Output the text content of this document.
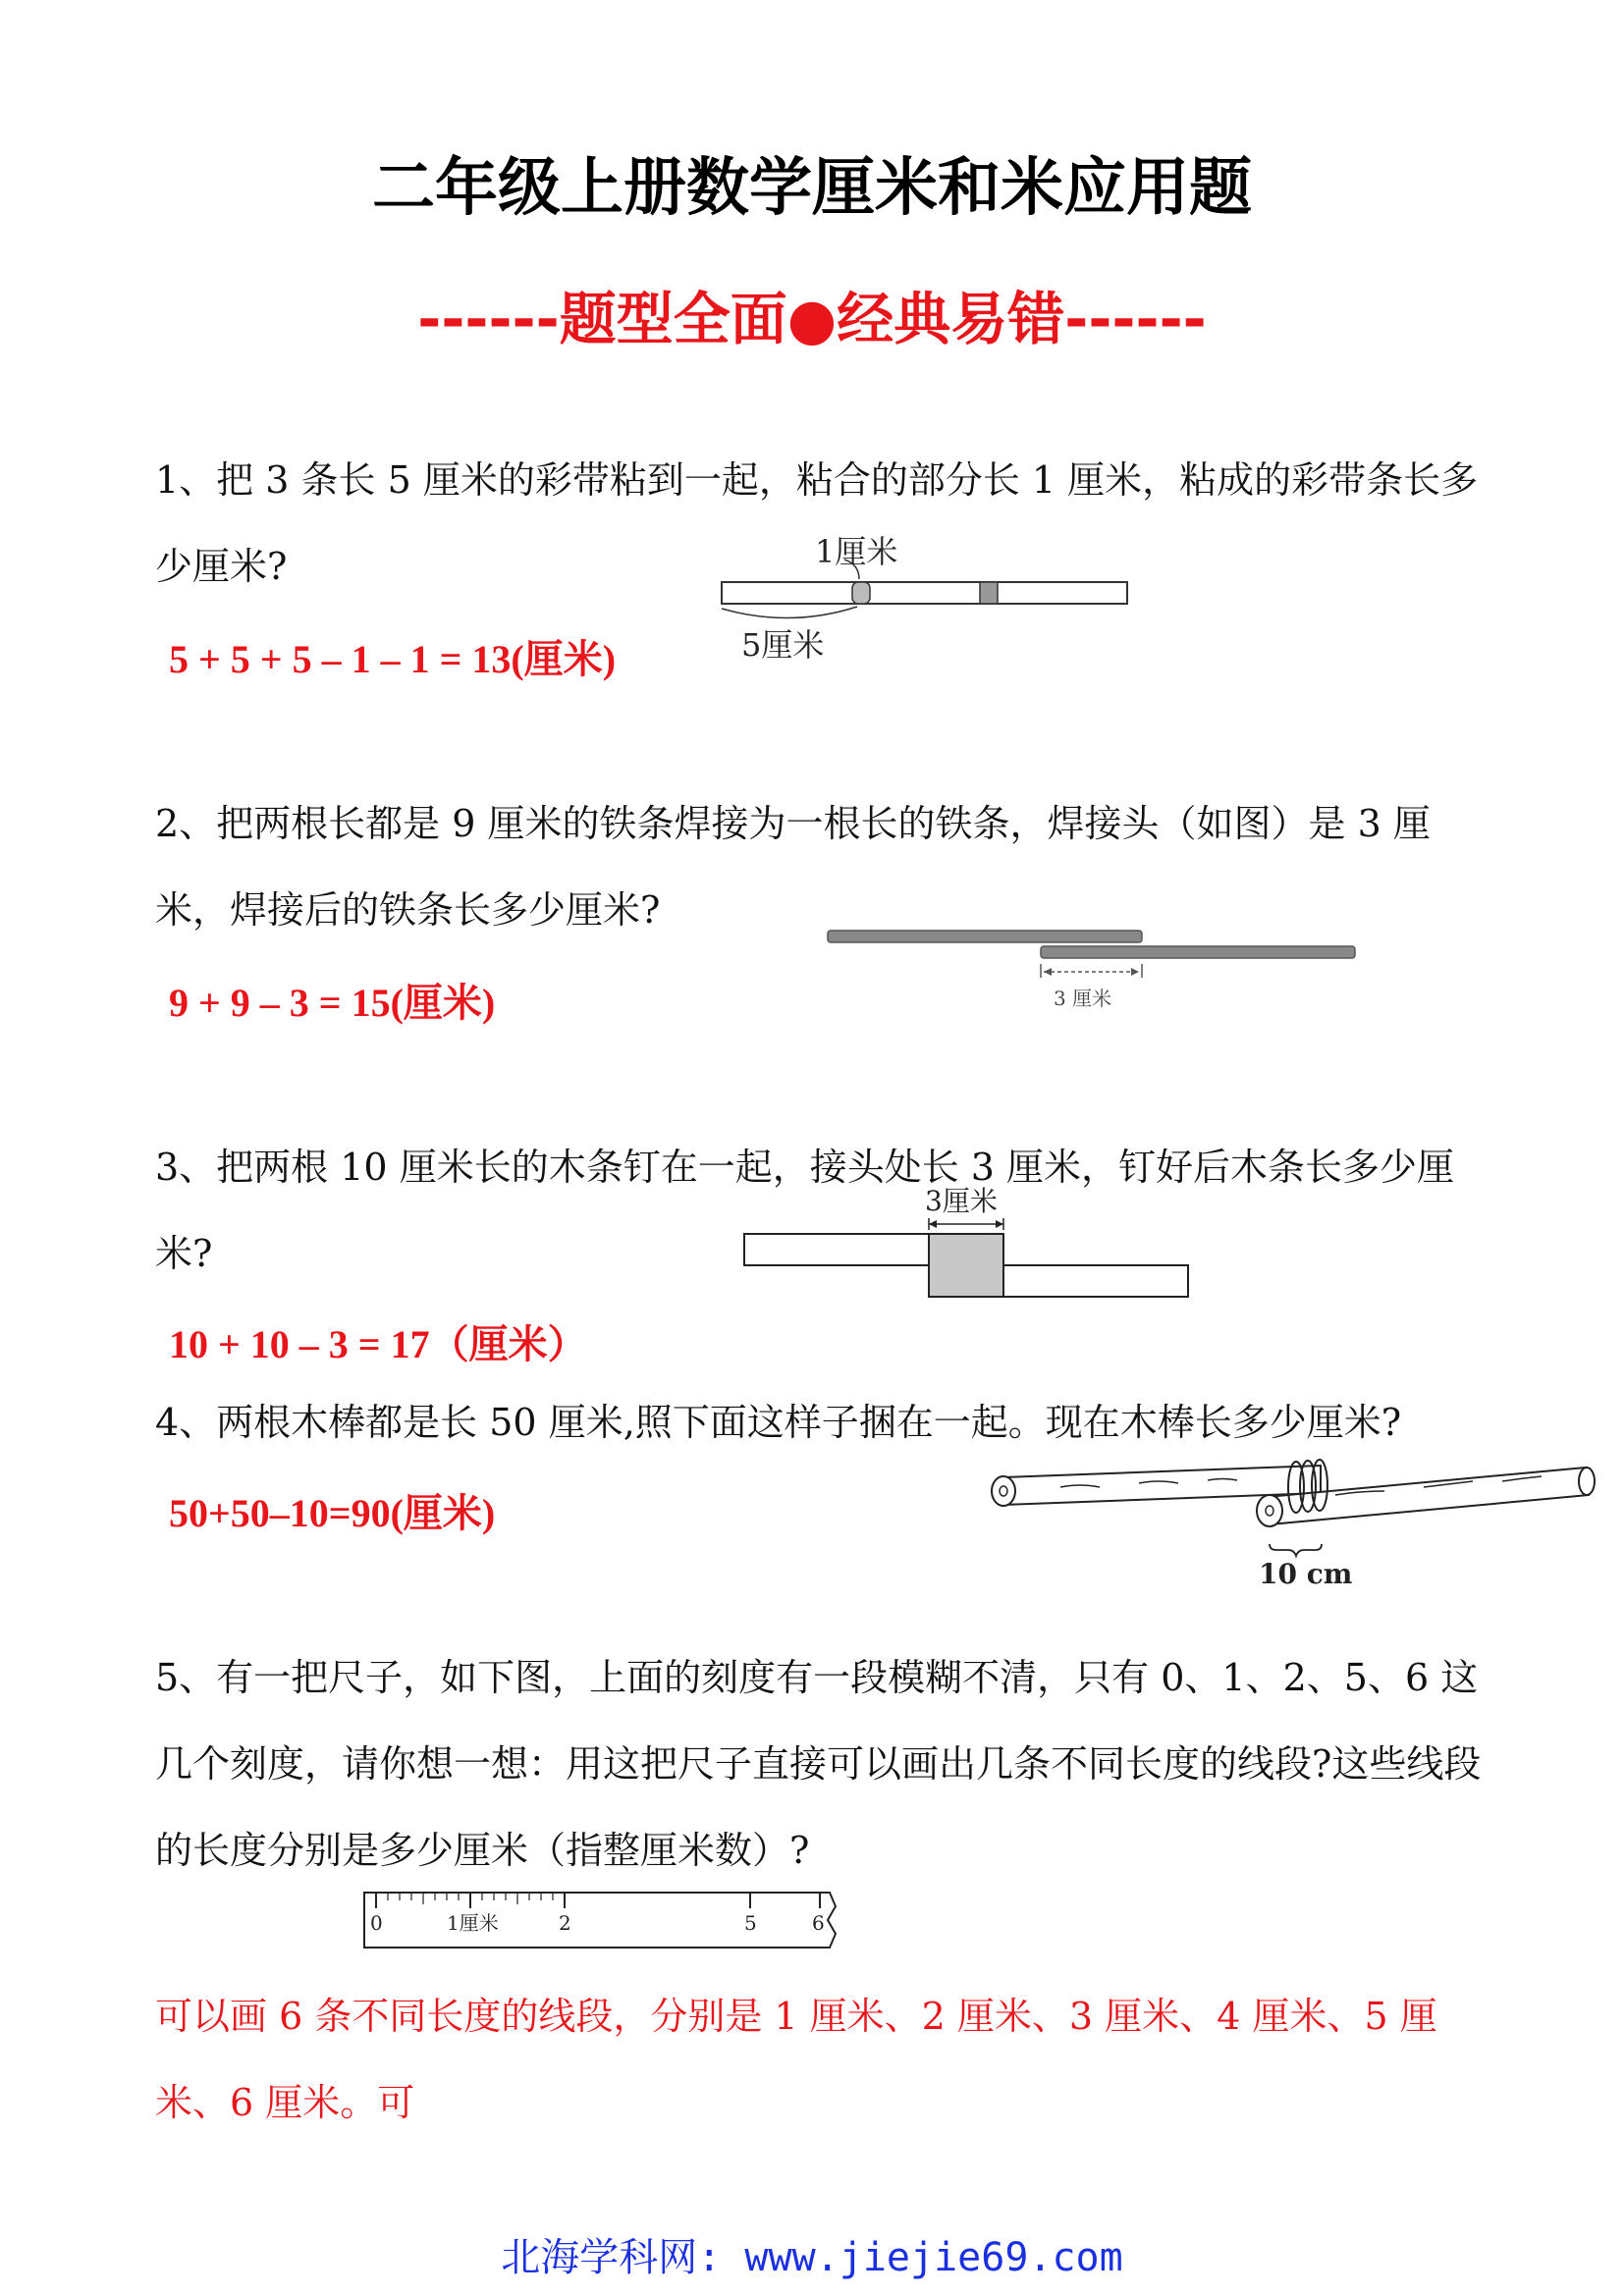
二年级上册数学厘米和米应用题
------题型全面●经典易错------
1、把 3 条长 5 厘米的彩带粘到一起，粘合的部分长 1 厘米，粘成的彩带条长多少厘米?
5 + 5 + 5 – 1 – 1 = 13(厘米)
1厘米
5厘米
2、把两根长都是 9 厘米的铁条焊接为一根长的铁条，焊接头（如图）是 3 厘米，焊接后的铁条长多少厘米?
9 + 9 – 3 = 15(厘米)	3 厘米
3、把两根 10 厘米长的木条钉在一起，接头处长 3 厘米，钉好后木条长多少厘米?
10 + 10 – 3 = 17（厘米）
3厘米
4、两根木棒都是长 50 厘米,照下面这样子捆在一起。现在木棒长多少厘米?
50+50–10=90(厘米)
10 cm
5、有一把尺子，如下图，上面的刻度有一段模糊不清，只有 0、1、2、5、6 这几个刻度，请你想一想：用这把尺子直接可以画出几条不同长度的线段?这些线段的长度分别是多少厘米（指整厘米数）?
0	1厘米	2	5	6
可以画 6 条不同长度的线段，分别是 1 厘米、2 厘米、3 厘米、4 厘米、5 厘米、6 厘米。可
北海学科网: www.jiejie69.com
